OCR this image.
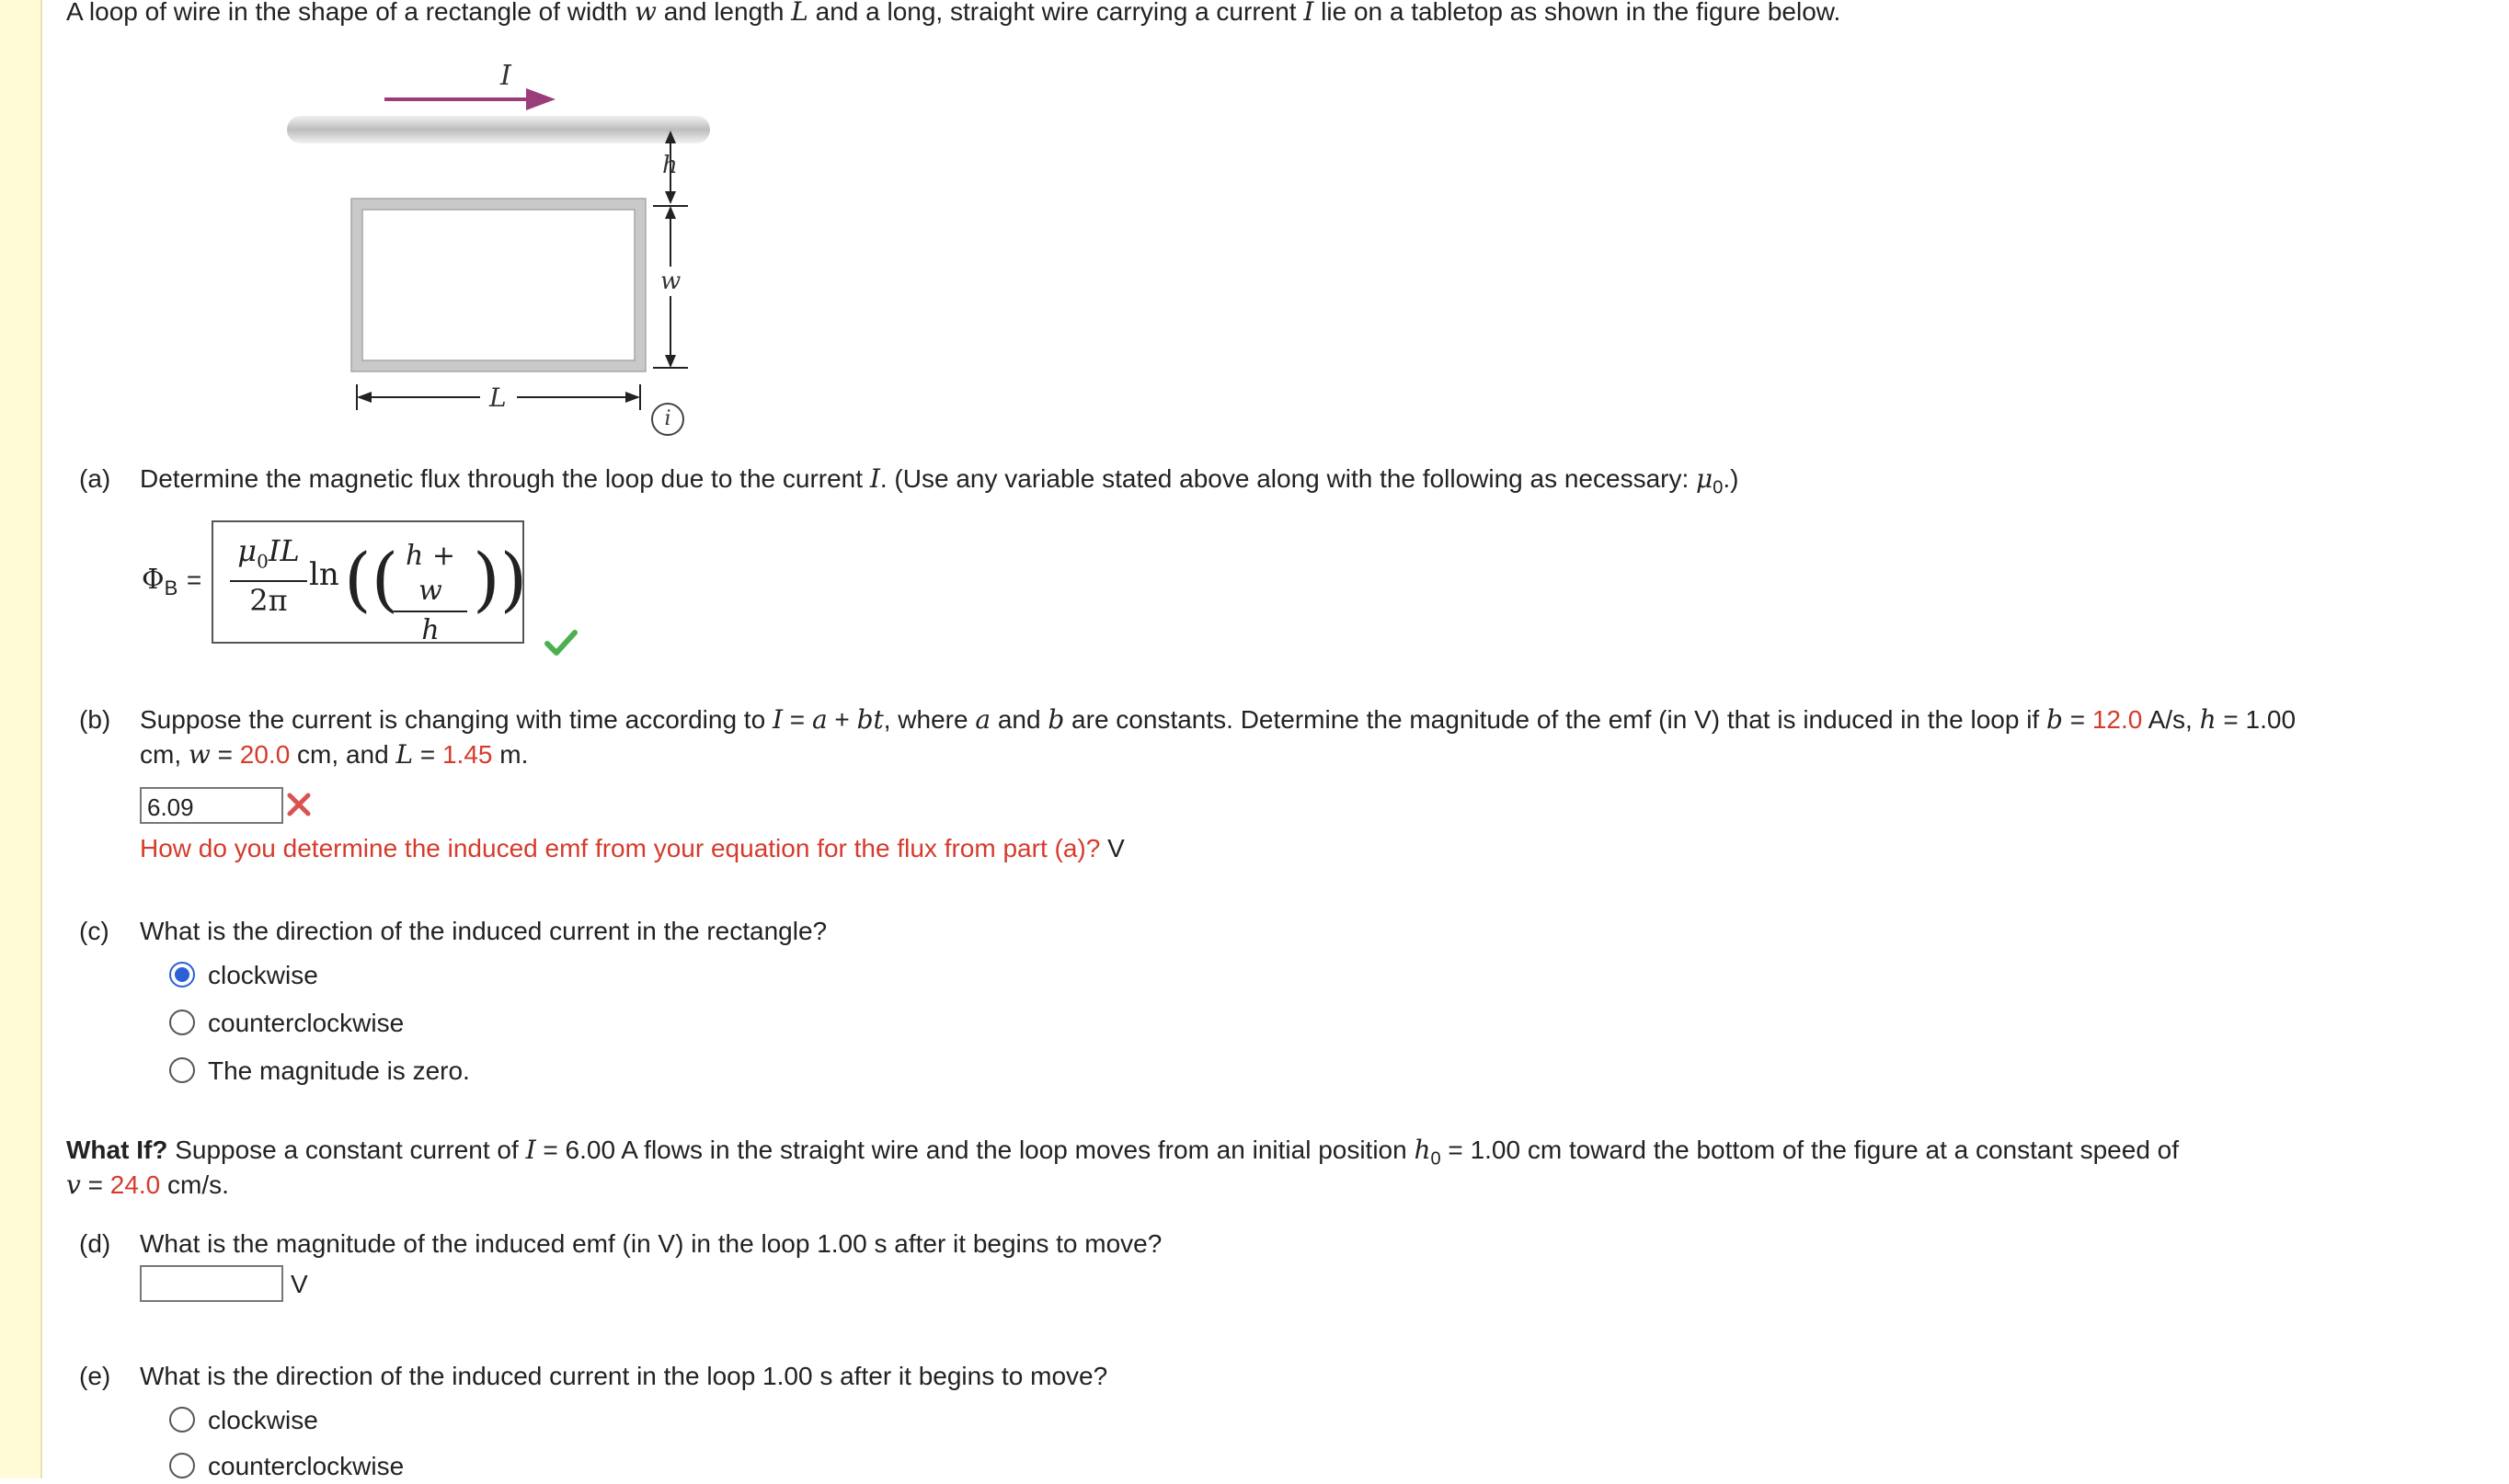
A loop of wire in the shape of a rectangle of width w and length L and a long, straight wire carrying a current I lie on a tabletop as shown in the figure below.
I
h
w
L
i
(a) Determine the magnetic flux through the loop due to the current I. (Use any variable stated above along with the following as necessary: $\mu_0$.)
$\Phi_B = \frac{\mu_0IL}{2\pi}$ ln ((
$\frac{h + w}{h}$ ))
(b) Suppose the current is changing with time according to I = a + bt, where a and b are constants. Determine the magnitude of the emf (in V) that is induced in the loop if b = 12.0 A/s, h = 1.00
cm, w = 20.0 cm, and L = 1.45 m.
6.09
How do you determine the induced emf from your equation for the flux from part (a)? V
(c) What is the direction of the induced current in the rectangle?
clockwise
counterclockwise
The magnitude is zero.
What If? Suppose a constant current of I = 6.00 A flows in the straight wire and the loop moves from an initial position $h_0 = 1.00$ cm toward the bottom of the figure at a constant speed of
v = 24.0 cm/s.
(d) What is the magnitude of the induced emf (in V) in the loop 1.00 s after it begins to move?
V
(e) What is the direction of the induced current in the loop 1.00 s after it begins to move?
clockwise
counterclockwise
